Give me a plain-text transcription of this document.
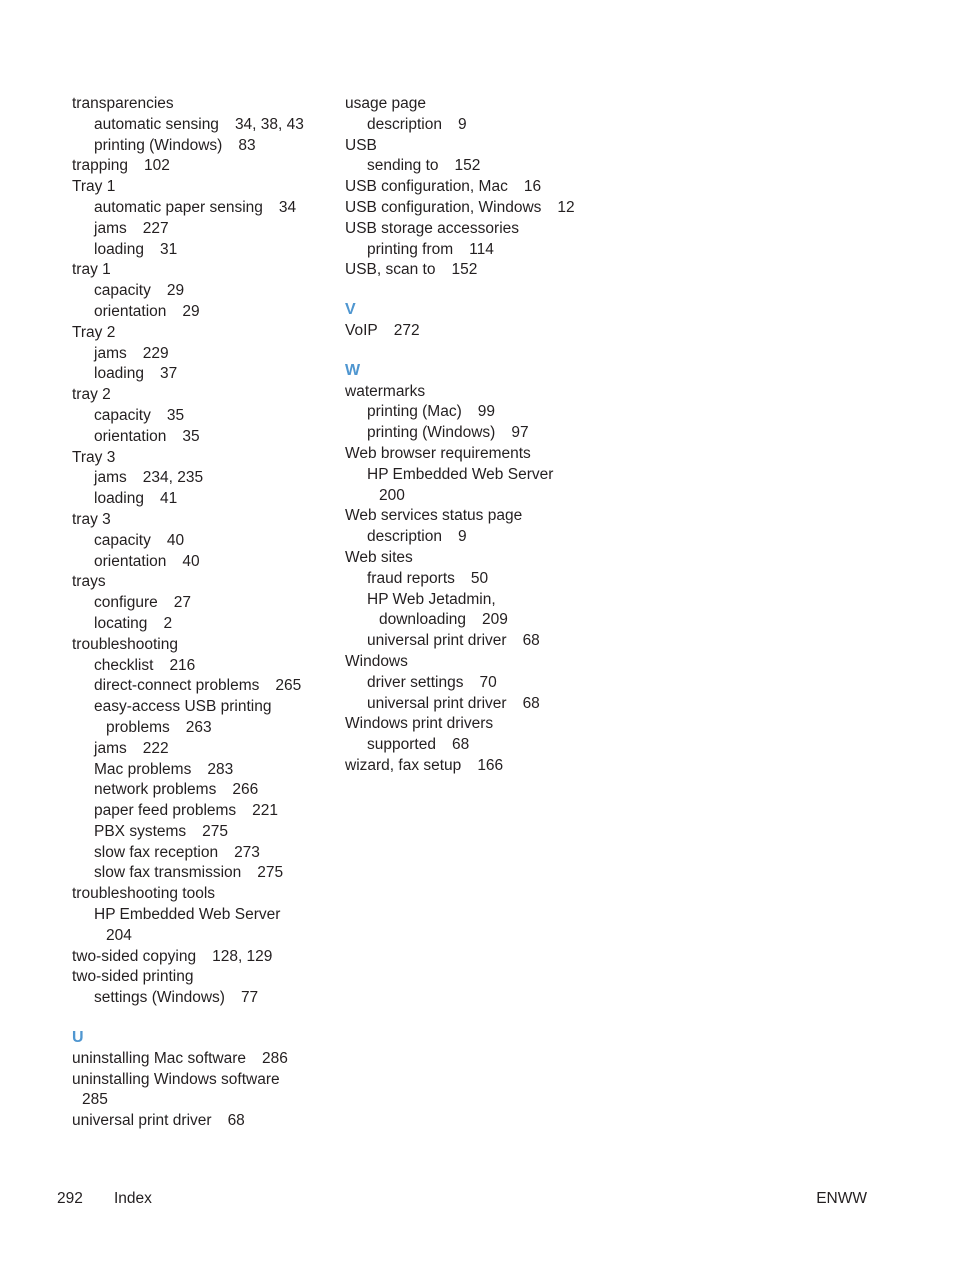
transparencies
automatic sensing 34, 38, 43
printing (Windows) 83
trapping 102
Tray 1
automatic paper sensing 34
jams 227
loading 31
tray 1
capacity 29
orientation 29
Tray 2
jams 229
loading 37
tray 2
capacity 35
orientation 35
Tray 3
jams 234, 235
loading 41
tray 3
capacity 40
orientation 40
trays
configure 27
locating 2
troubleshooting
checklist 216
direct-connect problems 265
easy-access USB printing
problems 263
jams 222
Mac problems 283
network problems 266
paper feed problems 221
PBX systems 275
slow fax reception 273
slow fax transmission 275
troubleshooting tools
HP Embedded Web Server
204
two-sided copying 128, 129
two-sided printing
settings (Windows) 77
U
uninstalling Mac software 286
uninstalling Windows software
285
universal print driver 68
usage page
description 9
USB
sending to 152
USB configuration, Mac 16
USB configuration, Windows 12
USB storage accessories
printing from 114
USB, scan to 152
V
VoIP 272
W
watermarks
printing (Mac) 99
printing (Windows) 97
Web browser requirements
HP Embedded Web Server
200
Web services status page
description 9
Web sites
fraud reports 50
HP Web Jetadmin,
downloading 209
universal print driver 68
Windows
driver settings 70
universal print driver 68
Windows print drivers
supported 68
wizard, fax setup 166
292 Index	ENWW
